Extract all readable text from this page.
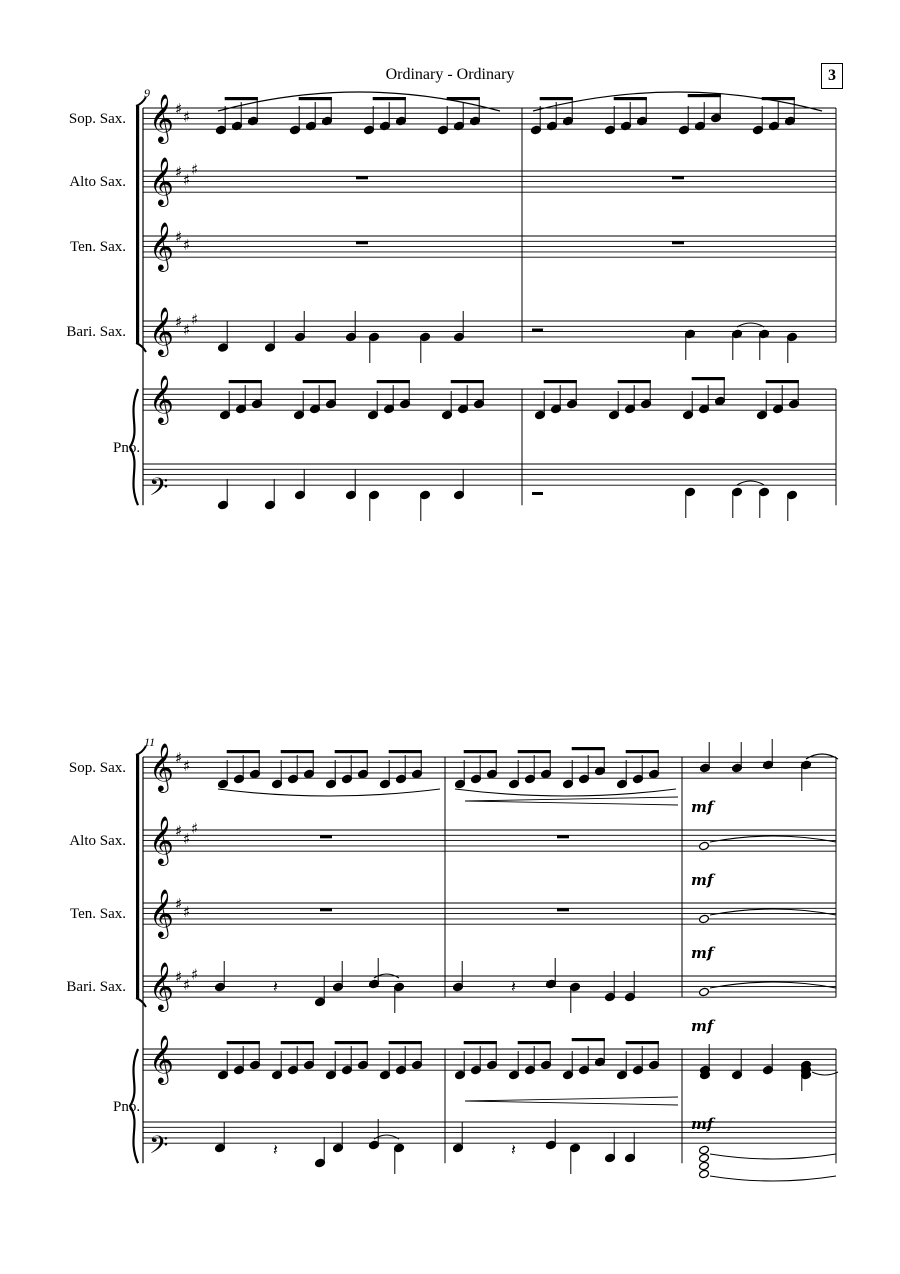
Ordinary - Ordinary	3
𝄞 ♯ ♯
𝄞 ♯ ♯
♯
𝄞 ♯ ♯
𝄞 ♯ ♯
♯
𝄞
𝄢
Sop. Sax.
Alto Sax.
Ten. Sax.
Bari. Sax.
Pno.
9
𝄞 ♯ ♯
𝄞 ♯ ♯
♯
𝄞 ♯ ♯
𝄞 ♯ ♯
♯
𝄞
𝄢
Sop. Sax.
Alto Sax.
Ten. Sax.
Bari. Sax.
Pno.
11
mf
mf
mf
mf
mf
𝄽	𝄽
𝄽	𝄽
